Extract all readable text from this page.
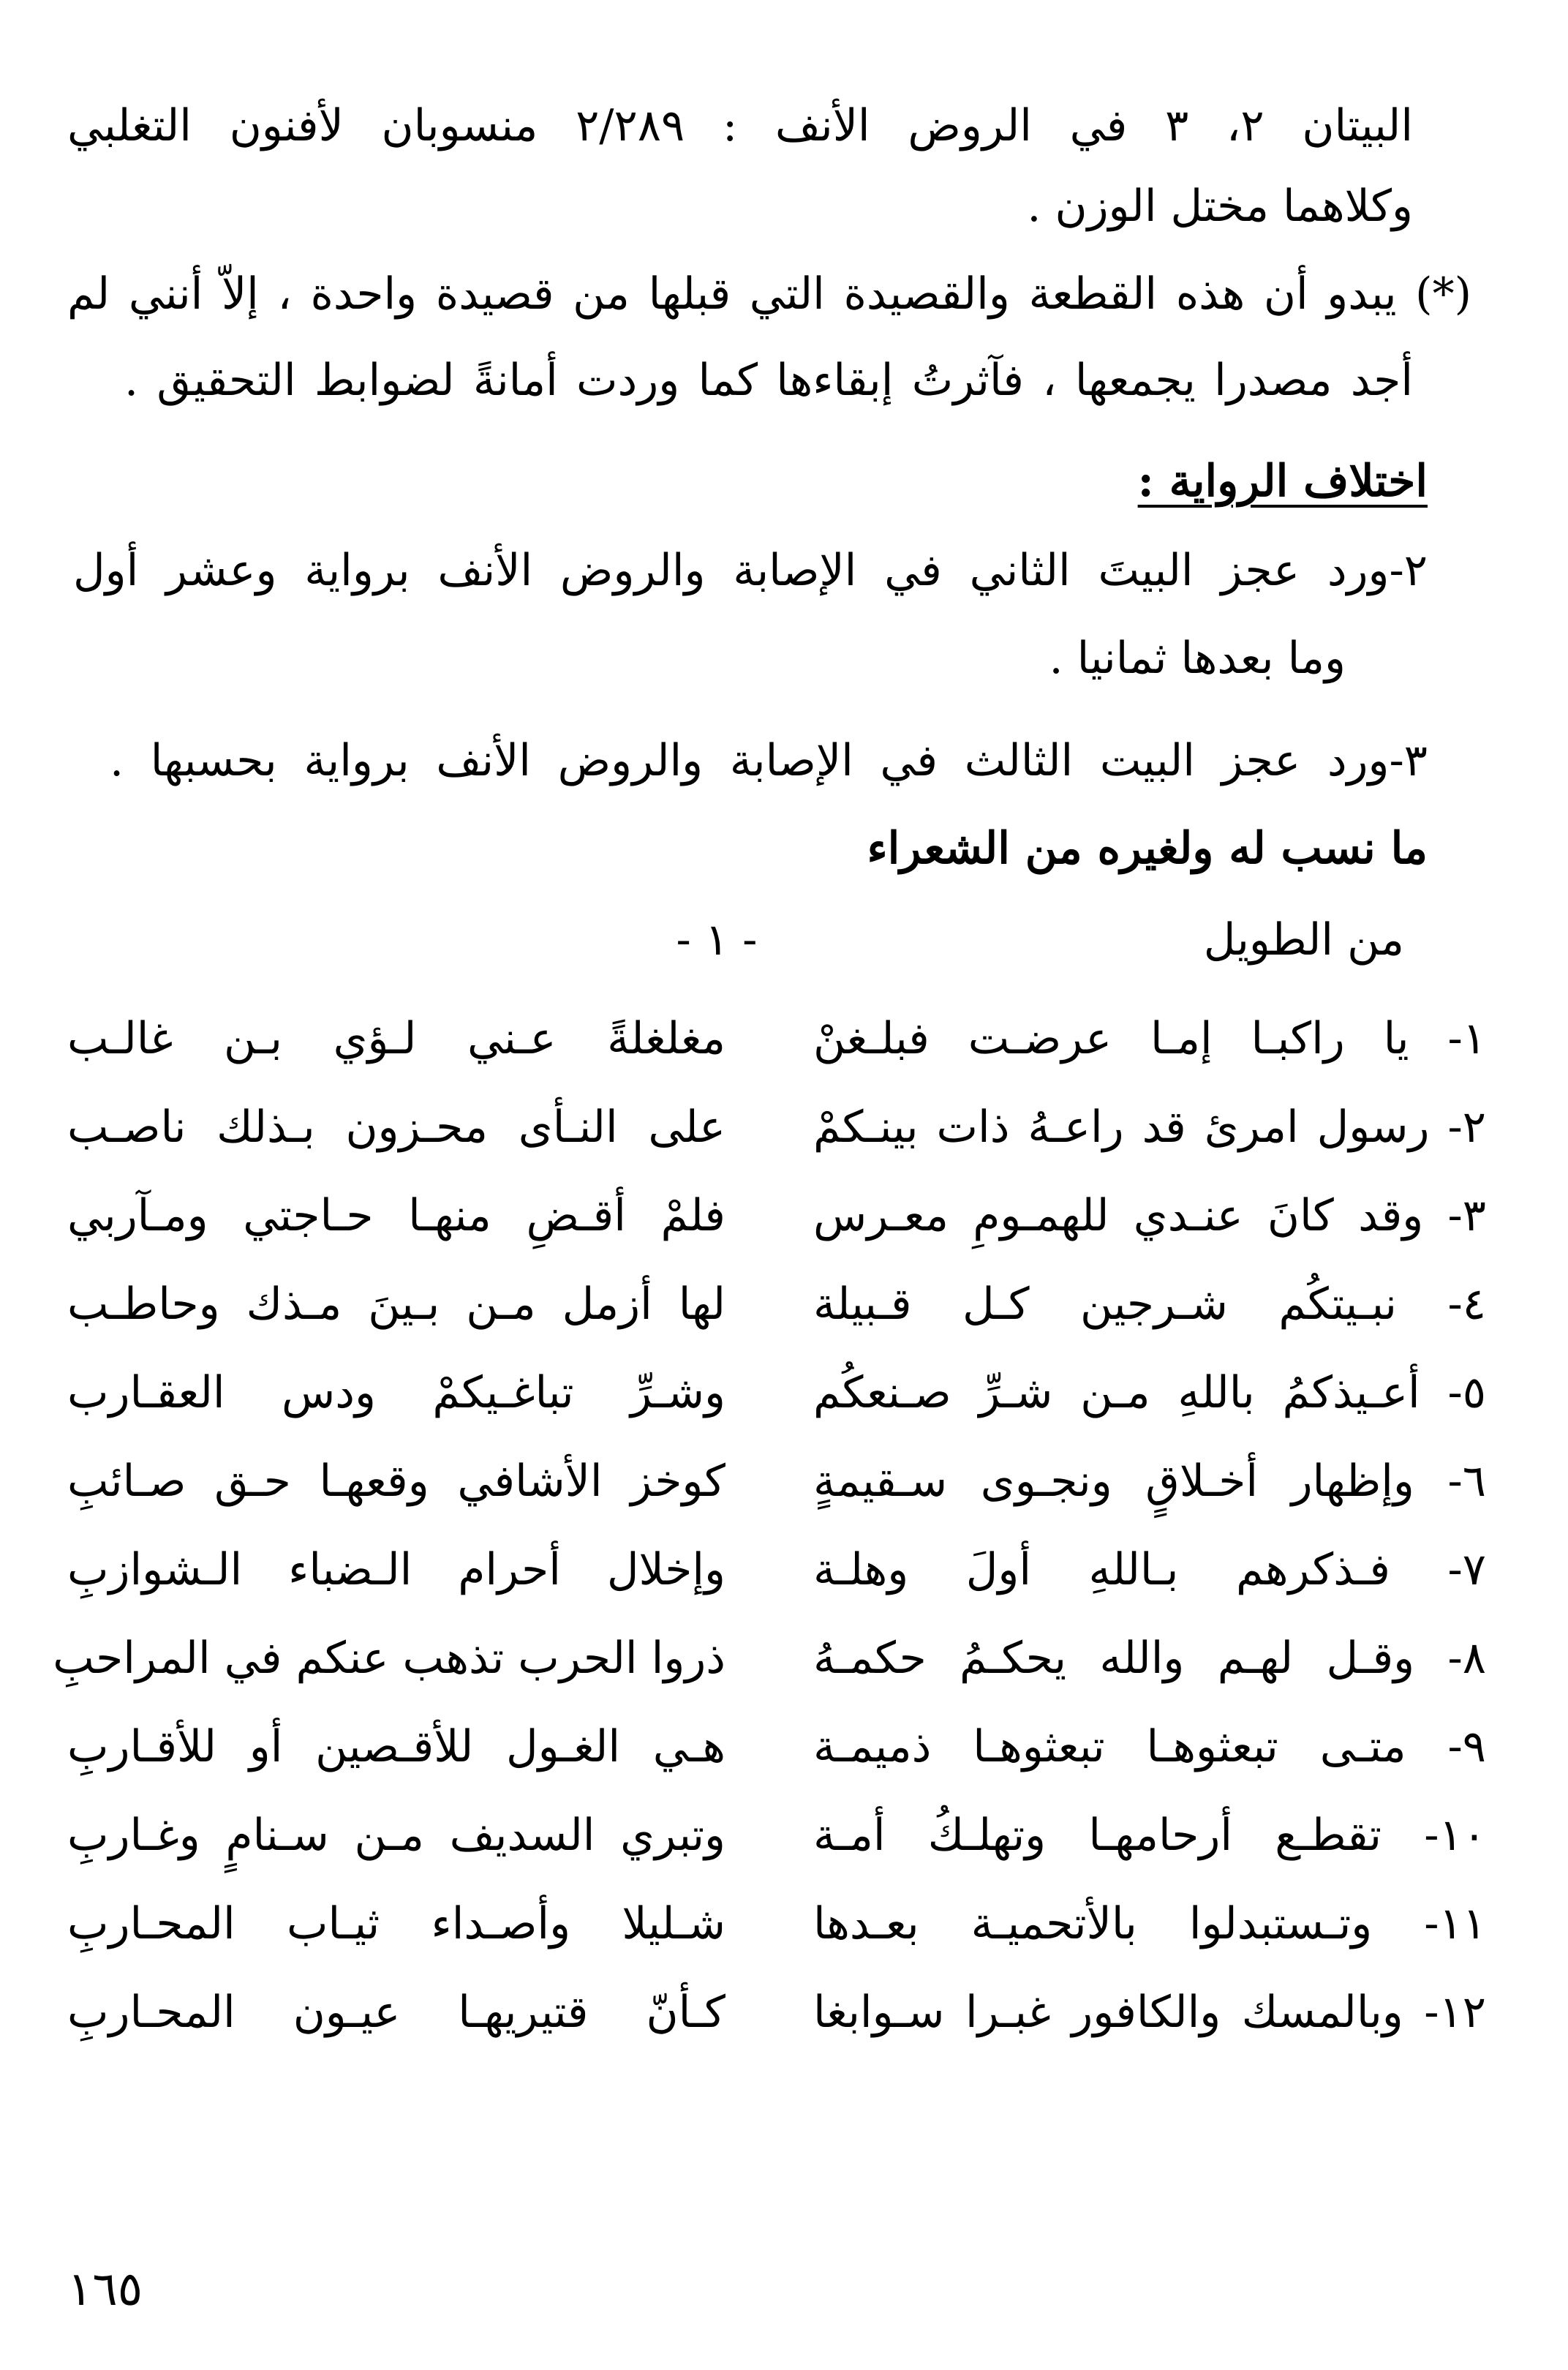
البيتان ٢، ٣ في الروض الأنف : ٢/٢٨٩ منسوبان لأفنون التغلبي
وكلاهما مختل الوزن .
(*) يبدو أن هذه القطعة والقصيدة التي قبلها من قصيدة واحدة ، إلاّ أنني لم
أجد مصدرا يجمعها ، فآثرتُ إبقاءها كما وردت أمانةً لضوابط التحقيق .
اختلاف الرواية :
٢-ورد عجز البيتَ الثاني في الإصابة والروض الأنف برواية وعشر أول
وما بعدها ثمانيا .
٣-ورد عجز البيت الثالث في الإصابة والروض الأنف برواية بحسبها .
ما نسب له ولغيره من الشعراء
من الطويل
- ١ -
١- يا راكبـا إمـا عرضـت فبلـغنْ
مغلغلةً عـني لـؤي بـن غالـب
٢- رسول امرئ قد راعـهُ ذات بينـكمْ
على النـأى محـزون بـذلك ناصـب
٣- وقد كانَ عنـدي للهمـومِ معـرس
فلمْ أقـضِ منهـا حـاجتي ومـآربي
٤- نبـيتكُم شـرجين كـل قـبيلة
لها أزمل مـن بـينَ مـذك وحاطـب
٥- أعـيذكمُ باللهِ مـن شـرِّ صـنعكُم
وشـرِّ تباغـيكمْ ودس العقـارب
٦- وإظهار أخـلاقٍ ونجـوى سـقيمةٍ
كوخز الأشافي وقعهـا حـق صـائبِ
٧- فـذكرهم بـاللهِ أولَ وهلـة
وإخلال أحرام الـضباء الـشوازبِ
٨- وقـل لهـم والله يحكـمُ حكمـهُ
ذروا الحرب تذهب عنكم في المراحبِ
٩- متـى تبعثوهـا تبعثوهـا ذميمـة
هـي الغـول للأقـصين أو للأقـاربِ
١٠- تقطـع أرحامهـا وتهلـكُ أمـة
وتبري السديف مـن سـنامٍ وغـاربِ
١١- وتـستبدلوا بالأتحميـة بعـدها
شـليلا وأصـداء ثيـاب المحـاربِ
١٢- وبالمسك والكافور غبـرا سـوابغا
كـأنّ قتيريهـا عيـون المحـاربِ
١٦٥
